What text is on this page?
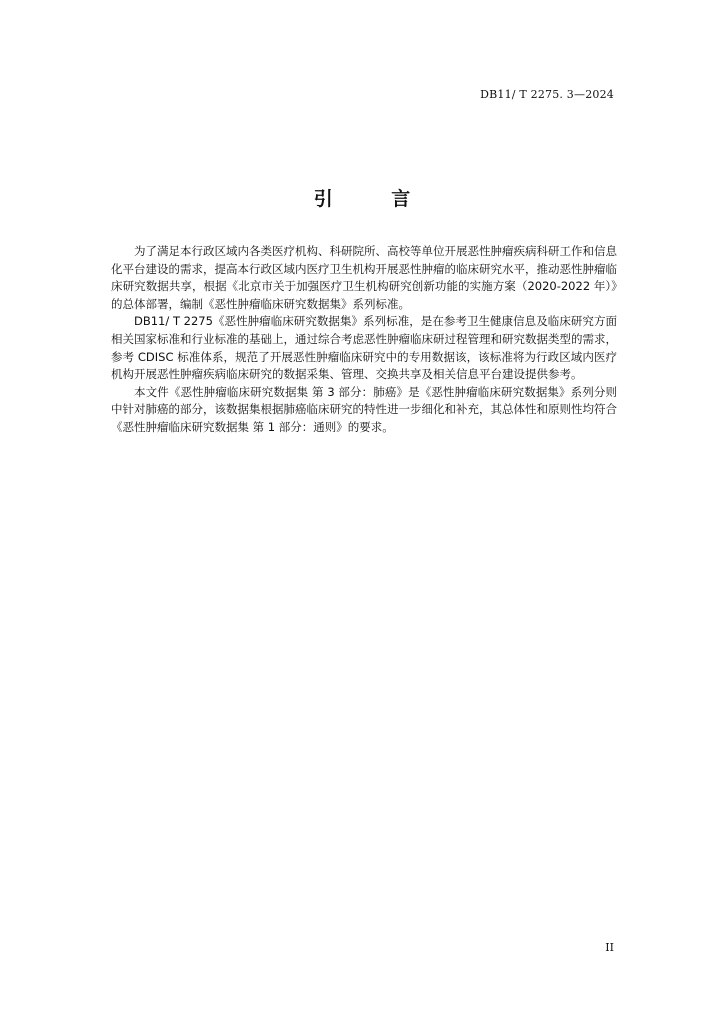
DB11/ T 2275. 3—2024
引 言

为了满足本行政区域内各类医疗机构、科研院所、高校等单位开展恶性肿瘤疾病科研工作和信息化平台建设的需求，提高本行政区域内医疗卫生机构开展恶性肿瘤的临床研究水平，推动恶性肿瘤临床研究数据共享，根据《北京市关于加强医疗卫生机构研究创新功能的实施方案（2020-2022 年）》的总体部署，编制《恶性肿瘤临床研究数据集》系列标准。

DB11/ T 2275《恶性肿瘤临床研究数据集》系列标准，是在参考卫生健康信息及临床研究方面相关国家标准和行业标准的基础上，通过综合考虑恶性肿瘤临床研过程管理和研究数据类型的需求，参考 CDISC 标准体系，规范了开展恶性肿瘤临床研究中的专用数据该，该标准将为行政区域内医疗机构开展恶性肿瘤疾病临床研究的数据采集、管理、交换共享及相关信息平台建设提供参考。

本文件《恶性肿瘤临床研究数据集 第 3 部分：肺癌》是《恶性肿瘤临床研究数据集》系列分则中针对肺癌的部分，该数据集根据肺癌临床研究的特性进一步细化和补充，其总体性和原则性均符合《恶性肿瘤临床研究数据集 第 1 部分：通则》的要求。

II
